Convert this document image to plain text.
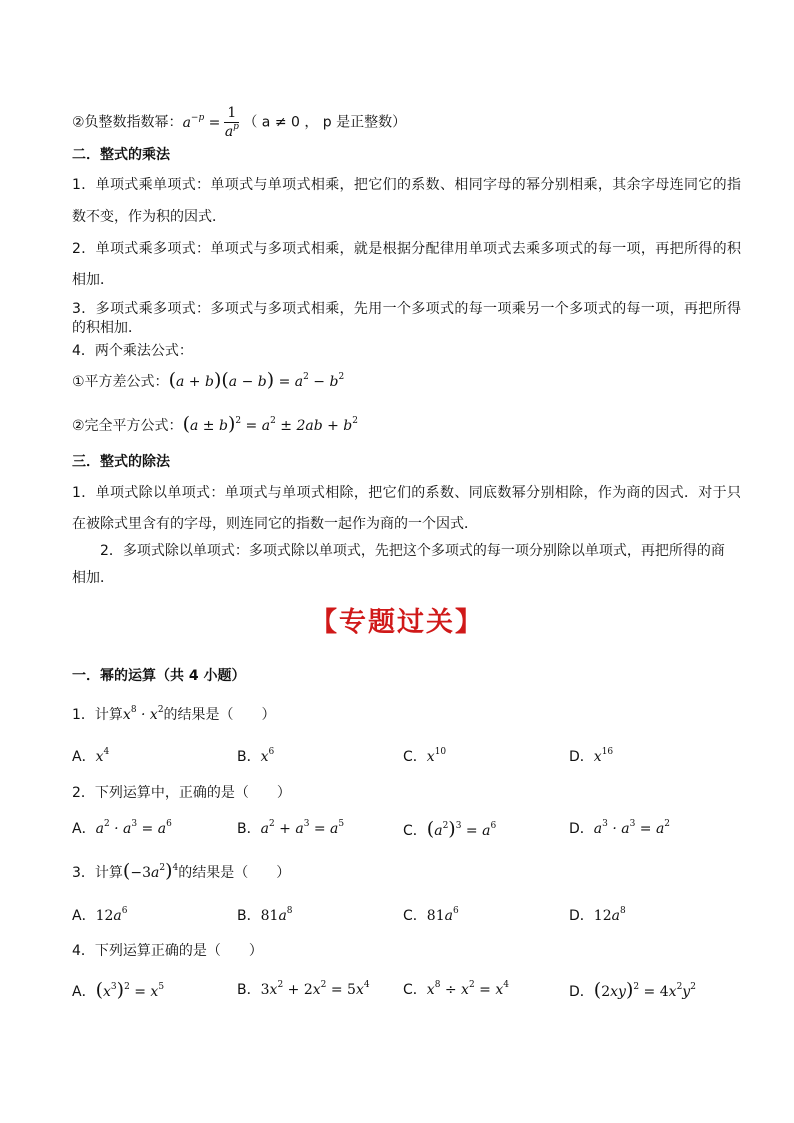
②负整数指数幂：$a^{-p} = \frac{1}{a^p}$ （ a ≠ 0 ， p 是正整数）
二．整式的乘法
1．单项式乘单项式：单项式与单项式相乘，把它们的系数、相同字母的幂分别相乘，其余字母连同它的指
数不变，作为积的因式．
2．单项式乘多项式：单项式与多项式相乘，就是根据分配律用单项式去乘多项式的每一项，再把所得的积
相加．
3．多项式乘多项式：多项式与多项式相乘，先用一个多项式的每一项乘另一个多项式的每一项，再把所得
的积相加．
4．两个乘法公式：
①平方差公式：$(a + b)(a - b) = a^2 - b^2$
②完全平方公式：$(a \pm b)^2 = a^2 \pm 2ab + b^2$
三．整式的除法
1．单项式除以单项式：单项式与单项式相除，把它们的系数、同底数幂分别相除，作为商的因式．对于只
在被除式里含有的字母，则连同它的指数一起作为商的一个因式．
2．多项式除以单项式：多项式除以单项式，先把这个多项式的每一项分别除以单项式，再把所得的商
相加．
【专题过关】
一．幂的运算（共 4 小题）
1．计算$x^8 \cdot x^2$的结果是（　　）
A．$x^4$	B．$x^6$	C．$x^{10}$	D．$x^{16}$
2．下列运算中，正确的是（　　）
A．$a^2 \cdot a^3 = a^6$	B．$a^2 + a^3 = a^5$	C．$(a^2)^3 = a^6$	D．$a^3 \cdot a^3 = a^2$
3．计算$(-3a^2)^4$的结果是（　　）
A．$12a^6$	B．$81a^8$	C．$81a^6$	D．$12a^8$
4．下列运算正确的是（　　）
A．$(x^3)^2 = x^5$	B．$3x^2 + 2x^2 = 5x^4$ C．$x^8 \div x^2 = x^4$	D．$(2xy)^2 = 4x^2y^2$
